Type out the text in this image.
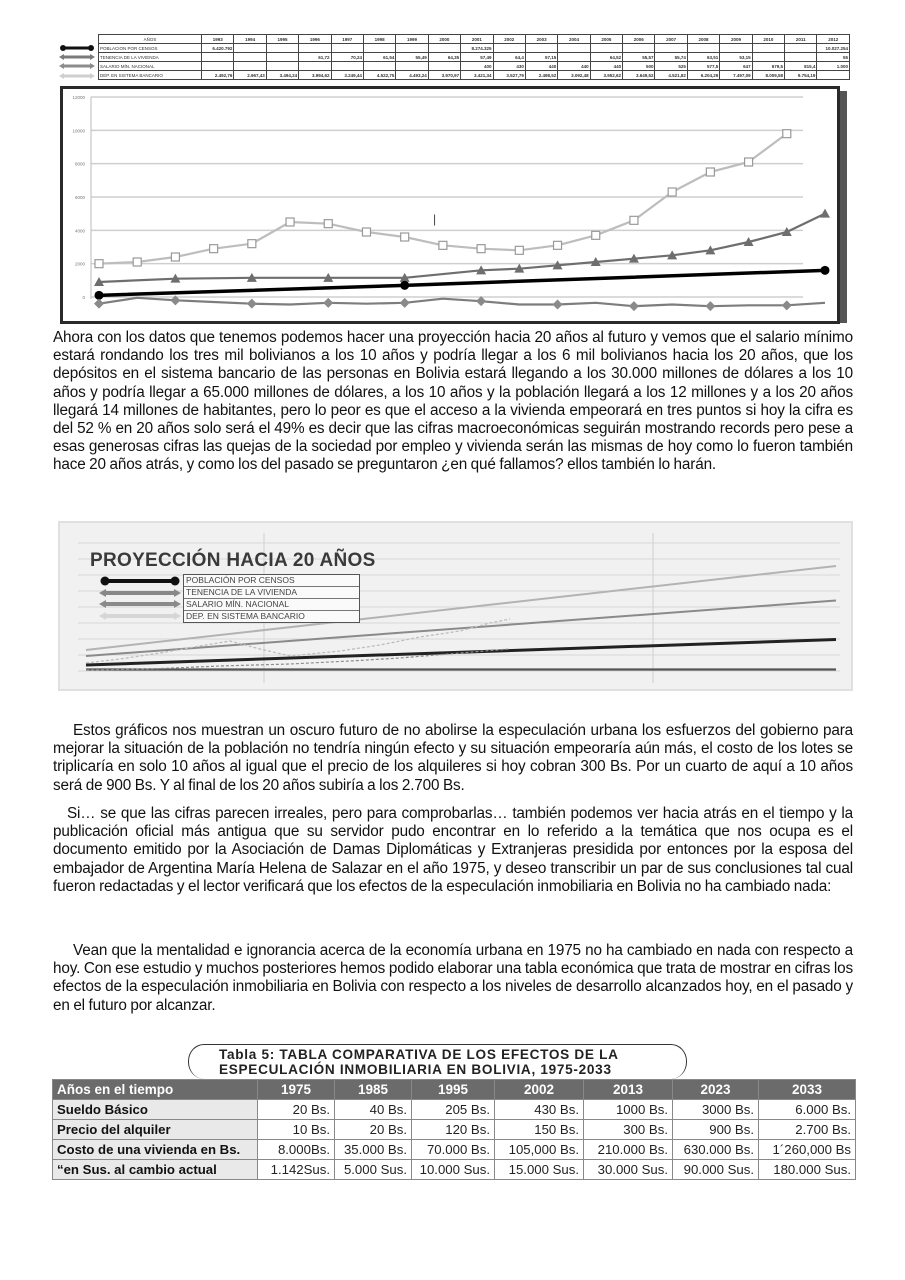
AÑOS	1993	1994	1995	1996	1997	1998	1999	2000	2001	2002	2003	2004	2005	2006	2007	2008	2009	2010	2011	2012
POBLACION POR CENSOS	6.420.792								8.274.325											10.027.254
TENENCIA DE LA VIVIENDA				61,72	70,24	61,54	55,49	64,35	57,49	64,4	57,15		64,52	55,57	55,74	63,51	53,15			55
SALARIO MÍN. NACIONAL									400	430	440	440	440	500	525	577,5	647	679,5	815,4	1.000
DEP. EN SISTEMA BANCARIO	2.492,76	2.967,43	3.494,24	3.994,62	3.249,44	4.522,75	4.493,24	3.970,97	3.421,34	3.527,79	2.498,52	3.092,48	3.952,62	3.649,52	4.521,82	6.204,29	7.497,09	8.009,58	9.754,19	
0
2000
4000
6000
8000
10000
12000
|
Ahora con los datos que tenemos podemos hacer una proyección hacia 20 años al futuro y vemos que el salario mínimo estará rondando los tres mil bolivianos a los 10 años y podría llegar a los 6 mil bolivianos hacia los 20 años, que los depósitos en el sistema bancario de las personas en Bolivia estará llegando a los 30.000 millones de dólares a los 10 años y podría llegar a 65.000 millones de dólares, a los 10 años y la población llegará a los 12 millones y a los 20 años llegará 14 millones de habitantes, pero lo peor es que el acceso a la vivienda empeorará en tres puntos si hoy la cifra es del 52 % en 20 años solo será el 49% es decir que las cifras macroeconómicas seguirán mostrando records pero pese a esas generosas cifras las quejas de la sociedad por empleo y vivienda serán las mismas de hoy como lo fueron también hace 20 años atrás, y como los del pasado se preguntaron ¿en qué fallamos? ellos también lo harán.
PROYECCIÓN HACIA 20 AÑOS
POBLACIÓN POR CENSOS
TENENCIA DE LA VIVIENDA
SALARIO MÍN. NACIONAL
DEP. EN SISTEMA BANCARIO
Estos gráficos nos muestran un oscuro futuro de no abolirse la especulación urbana los esfuerzos del gobierno para mejorar la situación de la población no tendría ningún efecto y su situación empeoraría aún más, el costo de los lotes se triplicaría en solo 10 años al igual que el precio de los alquileres si hoy cobran 300 Bs. Por un cuarto de aquí a 10 años será de 900 Bs. Y al final de los 20 años subiría a los 2.700 Bs.
Si… se que las cifras parecen irreales, pero para comprobarlas… también podemos ver hacia atrás en el tiempo y la publicación oficial más antigua que su servidor pudo encontrar en lo referido a la temática que nos ocupa es el documento emitido por la Asociación de Damas Diplomáticas y Extranjeras presidida por entonces por la esposa del embajador de Argentina María Helena de Salazar en el año 1975, y deseo transcribir un par de sus conclusiones tal cual fueron redactadas y el lector verificará que los efectos de la especulación inmobiliaria en Bolivia no ha cambiado nada:
Vean que la mentalidad e ignorancia acerca de la economía urbana en 1975 no ha cambiado en nada con respecto a hoy. Con ese estudio y muchos posteriores hemos podido elaborar una tabla económica que trata de mostrar en cifras los efectos de la especulación inmobiliaria en Bolivia con respecto a los niveles de desarrollo alcanzados hoy, en el pasado y en el futuro por alcanzar.
Tabla 5: TABLA COMPARATIVA DE LOS EFECTOS DE LA
ESPECULACIÓN INMOBILIARIA EN BOLIVIA, 1975-2033
Años en el tiempo	1975	1985	1995	2002	2013	2023	2033
Sueldo Básico	20 Bs.	40 Bs.	205 Bs.	430 Bs.	1000 Bs.	3000 Bs.	6.000 Bs.
Precio del alquiler	10 Bs.	20 Bs.	120 Bs.	150 Bs.	300 Bs.	900 Bs.	2.700 Bs.
Costo de una vivienda en Bs.	8.000Bs.	35.000 Bs.	70.000 Bs.	105,000 Bs.	210.000 Bs.	630.000 Bs.	1´260,000 Bs
“en Sus. al cambio actual	1.142Sus.	5.000 Sus.	10.000 Sus.	15.000 Sus.	30.000 Sus.	90.000 Sus.	180.000 Sus.
